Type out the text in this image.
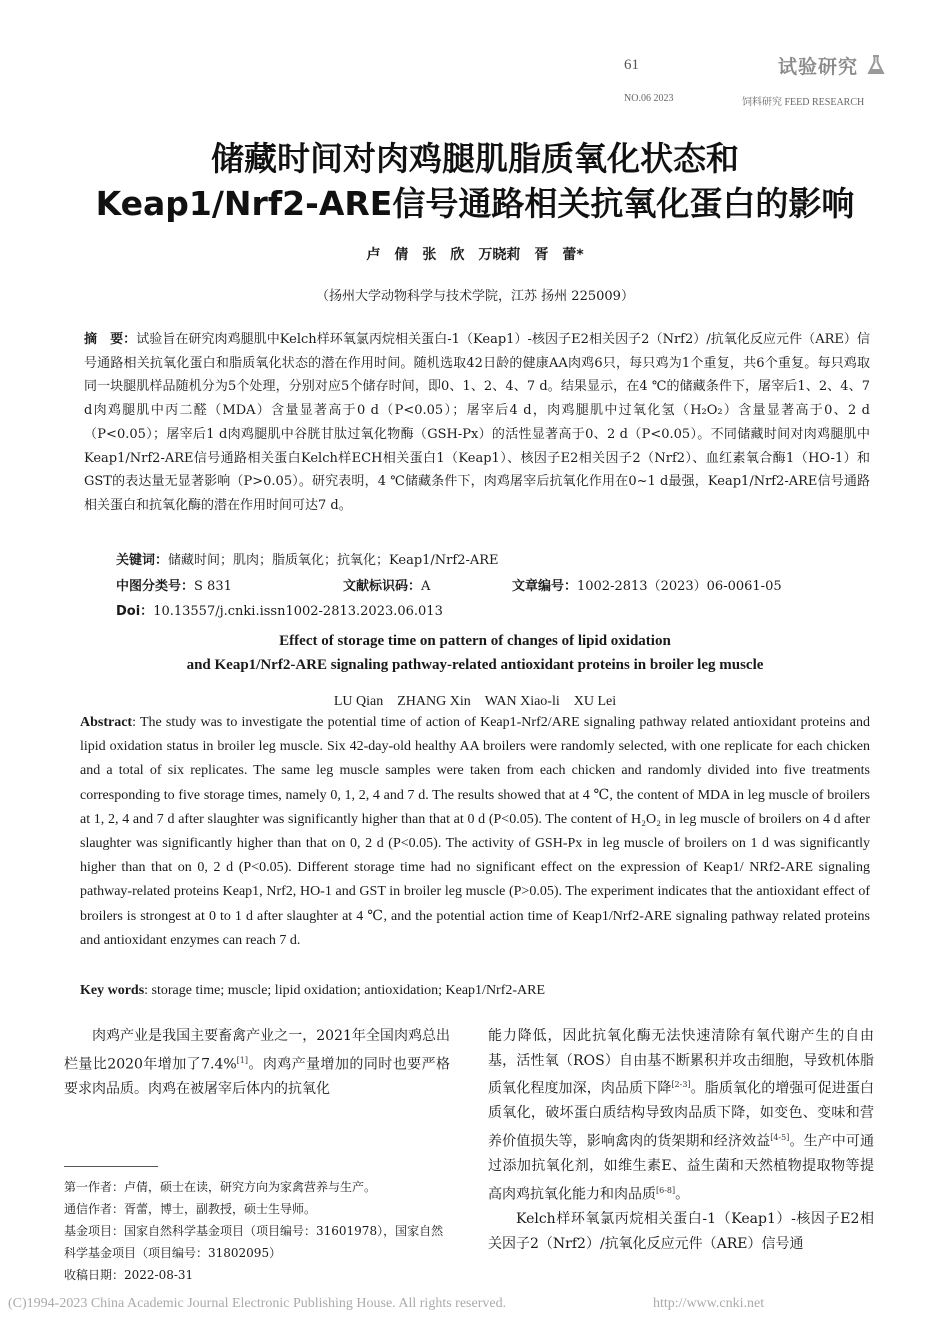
61
NO.06 2023
试验研究
饲料研究 FEED RESEARCH
储藏时间对肉鸡腿肌脂质氧化状态和
Keap1/Nrf2-ARE信号通路相关抗氧化蛋白的影响
卢　倩　张　欣　万晓莉　胥　蕾*
（扬州大学动物科学与技术学院，江苏 扬州 225009）
摘　要：试验旨在研究肉鸡腿肌中Kelch样环氧氯丙烷相关蛋白-1（Keap1）-核因子E2相关因子2（Nrf2）/抗氧化反应元件（ARE）信号通路相关抗氧化蛋白和脂质氧化状态的潜在作用时间。随机选取42日龄的健康AA肉鸡6只，每只鸡为1个重复，共6个重复。每只鸡取同一块腿肌样品随机分为5个处理，分别对应5个储存时间，即0、1、2、4、7 d。结果显示，在4 ℃的储藏条件下，屠宰后1、2、4、7 d肉鸡腿肌中丙二醛（MDA）含量显著高于0 d（P<0.05）；屠宰后4 d，肉鸡腿肌中过氧化氢（H₂O₂）含量显著高于0、2 d（P<0.05）；屠宰后1 d肉鸡腿肌中谷胱甘肽过氧化物酶（GSH-Px）的活性显著高于0、2 d（P<0.05）。不同储藏时间对肉鸡腿肌中Keap1/Nrf2-ARE信号通路相关蛋白Kelch样ECH相关蛋白1（Keap1）、核因子E2相关因子2（Nrf2）、血红素氧合酶1（HO-1）和GST的表达量无显著影响（P>0.05）。研究表明，4 ℃储藏条件下，肉鸡屠宰后抗氧化作用在0~1 d最强，Keap1/Nrf2-ARE信号通路相关蛋白和抗氧化酶的潜在作用时间可达7 d。
关键词：储藏时间；肌肉；脂质氧化；抗氧化；Keap1/Nrf2-ARE
中图分类号：S 831	文献标识码：A	文章编号：1002-2813（2023）06-0061-05
Doi：10.13557/j.cnki.issn1002-2813.2023.06.013
Effect of storage time on pattern of changes of lipid oxidation
and Keap1/Nrf2-ARE signaling pathway-related antioxidant proteins in broiler leg muscle
LU Qian　ZHANG Xin　WAN Xiao-li　XU Lei
Abstract: The study was to investigate the potential time of action of Keap1-Nrf2/ARE signaling pathway related antioxidant proteins and lipid oxidation status in broiler leg muscle. Six 42-day-old healthy AA broilers were randomly selected, with one replicate for each chicken and a total of six replicates. The same leg muscle samples were taken from each chicken and randomly divided into five treatments corresponding to five storage times, namely 0, 1, 2, 4 and 7 d. The results showed that at 4 ℃, the content of MDA in leg muscle of broilers at 1, 2, 4 and 7 d after slaughter was significantly higher than that at 0 d (P<0.05). The content of H₂O₂ in leg muscle of broilers on 4 d after slaughter was significantly higher than that on 0, 2 d (P<0.05). The activity of GSH-Px in leg muscle of broilers on 1 d was significantly higher than that on 0, 2 d (P<0.05). Different storage time had no significant effect on the expression of Keap1/ NRf2-ARE signaling pathway-related proteins Keap1, Nrf2, HO-1 and GST in broiler leg muscle (P>0.05). The experiment indicates that the antioxidant effect of broilers is strongest at 0 to 1 d after slaughter at 4 ℃, and the potential action time of Keap1/Nrf2-ARE signaling pathway related proteins and antioxidant enzymes can reach 7 d.
Key words: storage time; muscle; lipid oxidation; antioxidation; Keap1/Nrf2-ARE
肉鸡产业是我国主要畜禽产业之一，2021年全国肉鸡总出栏量比2020年增加了7.4%[1]。肉鸡产量增加的同时也要严格要求肉品质。肉鸡在被屠宰后体内的抗氧化
能力降低，因此抗氧化酶无法快速清除有氧代谢产生的自由基，活性氧（ROS）自由基不断累积并攻击细胞，导致机体脂质氧化程度加深，肉品质下降[2-3]。脂质氧化的增强可促进蛋白质氧化，破坏蛋白质结构导致肉品质下降，如变色、变味和营养价值损失等，影响禽肉的货架期和经济效益[4-5]。生产中可通过添加抗氧化剂，如维生素E、益生菌和天然植物提取物等提高肉鸡抗氧化能力和肉品质[6-8]。
Kelch样环氧氯丙烷相关蛋白-1（Keap1）-核因子E2相关因子2（Nrf2）/抗氧化反应元件（ARE）信号通
第一作者：卢倩，硕士在读，研究方向为家禽营养与生产。
通信作者：胥蕾，博士，副教授，硕士生导师。
基金项目：国家自然科学基金项目（项目编号：31601978），国家自然科学基金项目（项目编号：31802095）
收稿日期：2022-08-31
(C)1994-2023 China Academic Journal Electronic Publishing House. All rights reserved.	http://www.cnki.net
